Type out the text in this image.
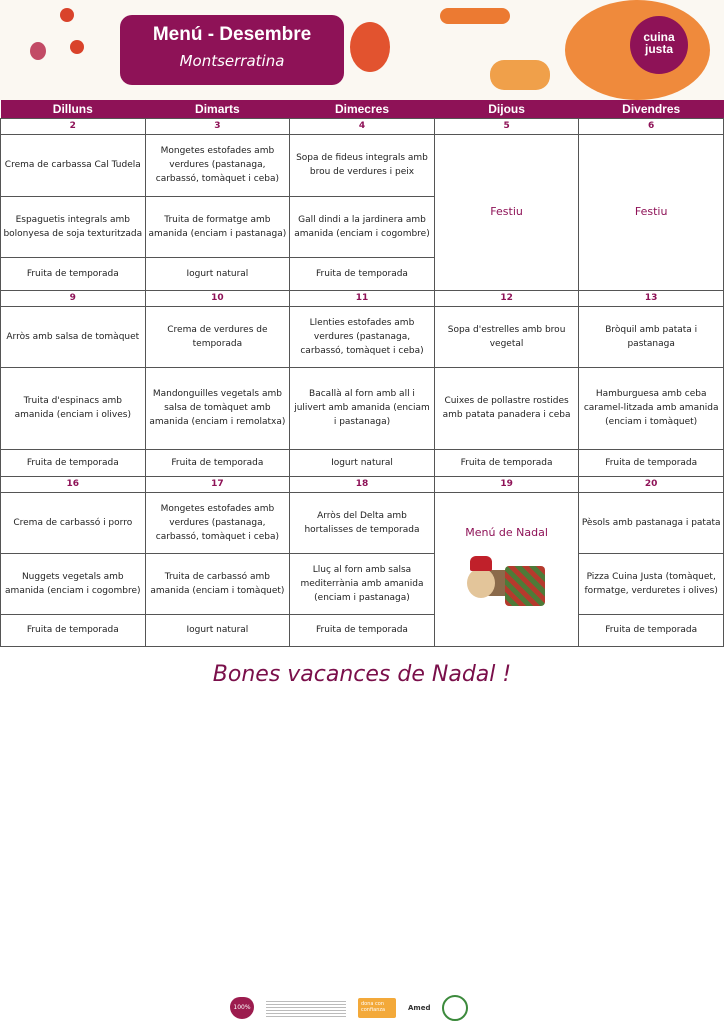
Menú - Desembre
Montserratina
cuina
justa
Dilluns	Dimarts	Dimecres	Dijous	Divendres
2	3	4	5	6
Crema de carbassa Cal Tudela	Mongetes estofades amb verdures (pastanaga, carbassó, tomàquet i ceba)	Sopa de fideus integrals amb brou de verdures i peix	Festiu	Festiu
Espaguetis integrals amb bolonyesa de soja texturitzada	Truita de formatge amb amanida (enciam i pastanaga)	Gall dindi a la jardinera amb amanida (enciam i cogombre)		
Fruita de temporada	Iogurt natural	Fruita de temporada		
9	10	11	12	13
Arròs amb salsa de tomàquet	Crema de verdures de temporada	Llenties estofades amb verdures (pastanaga, carbassó, tomàquet i ceba)	Sopa d'estrelles amb brou vegetal	Bròquil amb patata i pastanaga
Truita d'espinacs amb amanida (enciam i olives)	Mandonguilles vegetals amb salsa de tomàquet amb amanida (enciam i remolatxa)	Bacallà al forn amb all i julivert amb amanida (enciam i pastanaga)	Cuixes de pollastre rostides amb patata panadera i ceba	Hamburguesa amb ceba caramel-litzada amb amanida (enciam i tomàquet)
Fruita de temporada	Fruita de temporada	Iogurt natural	Fruita de temporada	Fruita de temporada
16	17	18	19	20
Crema de carbassó i porro	Mongetes estofades amb verdures (pastanaga, carbassó, tomàquet i ceba)	Arròs del Delta amb hortalisses de temporada	Menú de Nadal	Pèsols amb pastanaga i patata
Nuggets vegetals amb amanida (enciam i cogombre)	Truita de carbassó amb amanida (enciam i tomàquet)	Lluç al forn amb salsa mediterrània amb amanida (enciam i pastanaga)		Pizza Cuina Justa (tomàquet, formatge, verduretes i olives)
Fruita de temporada	Iogurt natural	Fruita de temporada		Fruita de temporada
Bones vacances de Nadal !
100%	dona con confianza	Amed
